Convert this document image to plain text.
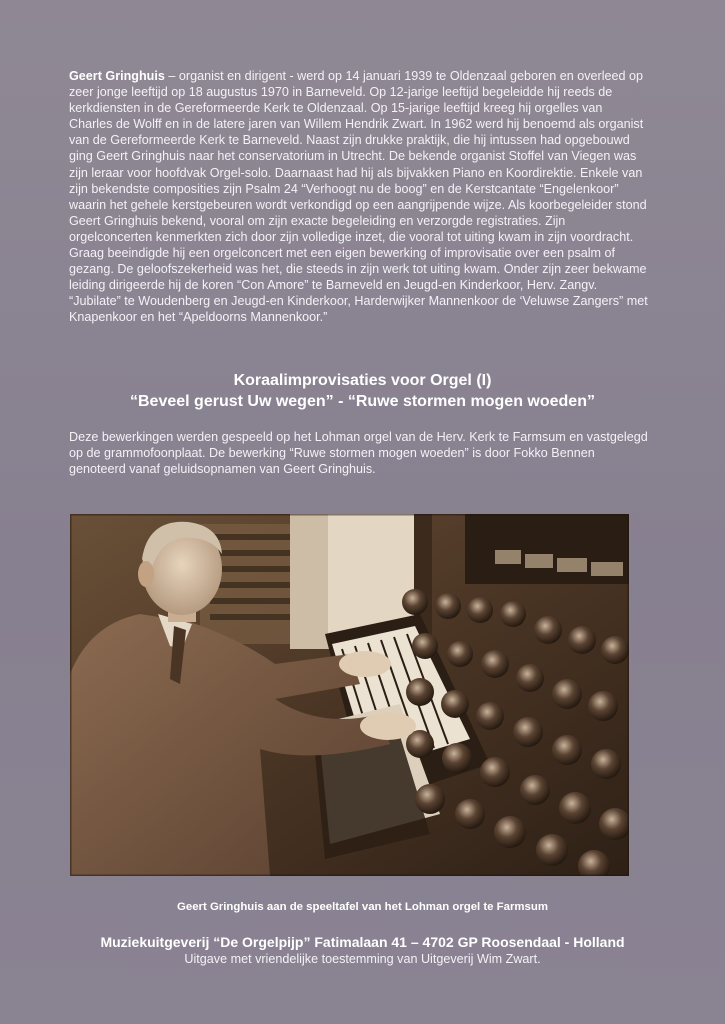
Geert Gringhuis – organist en dirigent - werd op 14 januari 1939 te Oldenzaal geboren en overleed op zeer jonge leeftijd op 18 augustus 1970 in Barneveld. Op 12-jarige leeftijd begeleidde hij reeds de kerkdiensten in de Gereformeerde Kerk te Oldenzaal. Op 15-jarige leeftijd kreeg hij orgelles van Charles de Wolff en in de latere jaren van Willem Hendrik Zwart. In 1962 werd hij benoemd als organist van de Gereformeerde Kerk te Barneveld. Naast zijn drukke praktijk, die hij intussen had opgebouwd ging Geert Gringhuis naar het conservatorium in Utrecht. De bekende organist Stoffel van Viegen was zijn leraar voor hoofdvak Orgel-solo. Daarnaast had hij als bijvakken Piano en Koordirektie. Enkele van zijn bekendste composities zijn Psalm 24 “Verhoogt nu de boog” en de Kerstcantate “Engelenkoor” waarin het gehele kerstgebeuren wordt verkondigd op een aangrijpende wijze. Als koorbegeleider stond Geert Gringhuis bekend, vooral om zijn exacte begeleiding en verzorgde registraties. Zijn orgelconcerten kenmerkten zich door zijn volledige inzet, die vooral tot uiting kwam in zijn voordracht. Graag beeindigde hij een orgelconcert met een eigen bewerking of improvisatie over een psalm of gezang. De geloofszekerheid was het, die steeds in zijn werk tot uiting kwam. Onder zijn zeer bekwame leiding dirigeerde hij de koren “Con Amore” te Barneveld en Jeugd-en Kinderkoor, Herv. Zangv. “Jubilate” te Woudenberg en Jeugd-en Kinderkoor, Harderwijker Mannenkoor de ‘Veluwse Zangers” met Knapenkoor en het “Apeldoorns Mannenkoor.”

Koraalimprovisaties voor Orgel (I)
“Beveel gerust Uw wegen” - “Ruwe stormen mogen woeden”

Deze bewerkingen werden gespeeld op het Lohman orgel van de Herv. Kerk te Farmsum en vastgelegd op de grammofoonplaat. De bewerking “Ruwe stormen mogen woeden” is door Fokko Bennen genoteerd vanaf geluidsopnamen van Geert Gringhuis.

Geert Gringhuis aan de speeltafel van het Lohman orgel te Farmsum

Muziekuitgeverij “De Orgelpijp” Fatimalaan 41 – 4702 GP Roosendaal - Holland

Uitgave met vriendelijke toestemming van Uitgeverij Wim Zwart.
